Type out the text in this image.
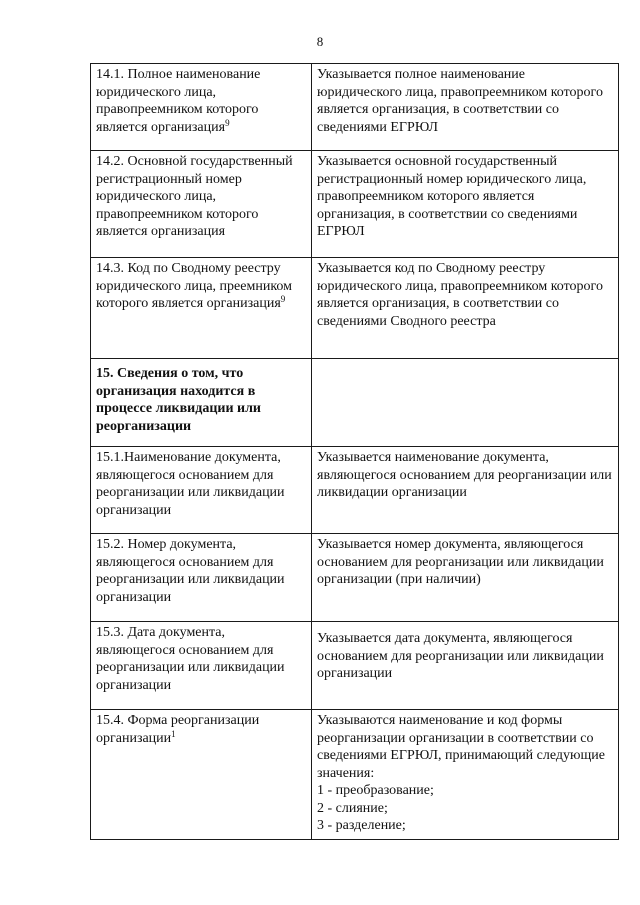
8
14.1. Полное наименование юридического лица, правопреемником которого является организация$^9$	Указывается полное наименование юридического лица, правопреемником которого является организация, в соответствии со сведениями ЕГРЮЛ
14.2. Основной государственный регистрационный номер юридического лица, правопреемником которого является организация	Указывается основной государственный регистрационный номер юридического лица, правопреемником которого является организация, в соответствии со сведениями ЕГРЮЛ
14.3. Код по Сводному реестру юридического лица, преемником которого является организация$^9$	Указывается код по Сводному реестру юридического лица, правопреемником которого является организация, в соответствии со сведениями Сводного реестра
15. Сведения о том, что организация находится в процессе ликвидации или реорганизации	
15.1.Наименование документа, являющегося основанием для реорганизации или ликвидации организации	Указывается наименование документа, являющегося основанием для реорганизации или ликвидации организации
15.2. Номер документа, являющегося основанием для реорганизации или ликвидации организации	Указывается номер документа, являющегося основанием для реорганизации или ликвидации организации (при наличии)
15.3. Дата документа, являющегося основанием для реорганизации или ликвидации организации	Указывается дата документа, являющегося основанием для реорганизации или ликвидации организации
15.4. Форма реорганизации организации$^1$	Указываются наименование и код формы реорганизации организации в соответствии со сведениями ЕГРЮЛ, принимающий следующие значения:
1 - преобразование;
2 - слияние;
3 - разделение;
